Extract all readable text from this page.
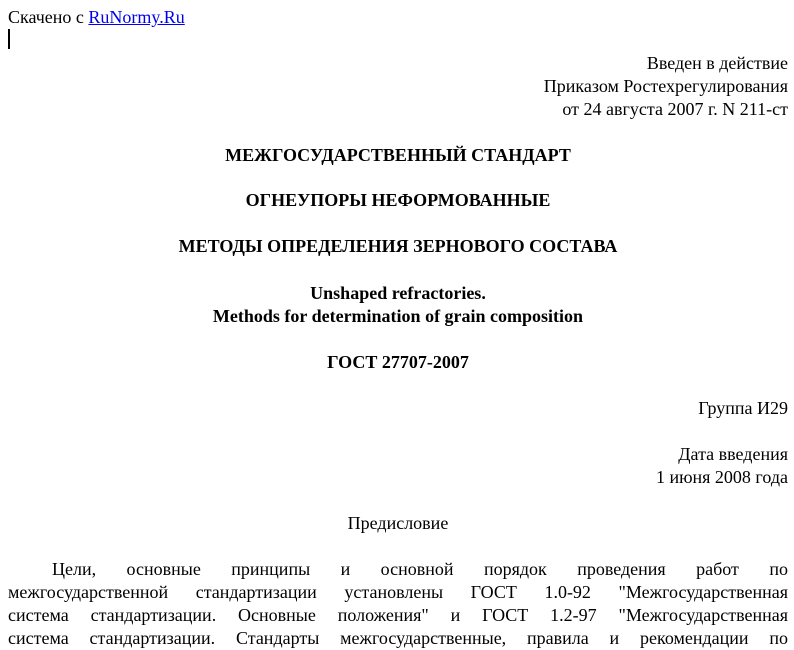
Скачено с RuNormy.Ru
Введен в действие
Приказом Ростехрегулирования
от 24 августа 2007 г. N 211-ст
МЕЖГОСУДАРСТВЕННЫЙ СТАНДАРТ
ОГНЕУПОРЫ НЕФОРМОВАННЫЕ
МЕТОДЫ ОПРЕДЕЛЕНИЯ ЗЕРНОВОГО СОСТАВА
Unshaped refractories.
Methods for determination of grain composition
ГОСТ 27707-2007
Группа И29
Дата введения
1 июня 2008 года
Предисловие
Цели, основные принципы и основной порядок проведения работ по
межгосударственной стандартизации установлены ГОСТ 1.0-92 "Межгосударственная
система стандартизации. Основные положения" и ГОСТ 1.2-97 "Межгосударственная
система стандартизации. Стандарты межгосударственные, правила и рекомендации по
